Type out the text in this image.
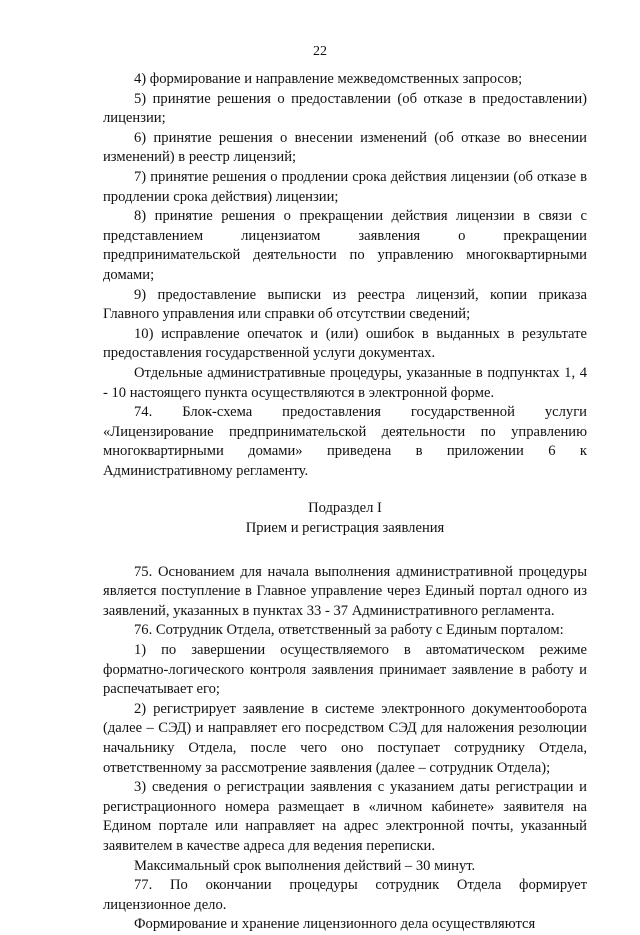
22

4) формирование и направление межведомственных запросов;

5) принятие решения о предоставлении (об отказе в предоставлении) лицензии;

6) принятие решения о внесении изменений (об отказе во внесении изменений) в реестр лицензий;

7) принятие решения о продлении срока действия лицензии (об отказе в продлении срока действия) лицензии;

8) принятие решения о прекращении действия лицензии в связи с представлением лицензиатом заявления о прекращении предпринимательской деятельности по управлению многоквартирными домами;

9) предоставление выписки из реестра лицензий, копии приказа Главного управления или справки об отсутствии сведений;

10) исправление опечаток и (или) ошибок в выданных в результате предоставления государственной услуги документах.

Отдельные административные процедуры, указанные в подпунктах 1, 4 - 10 настоящего пункта осуществляются в электронной форме.

74. Блок-схема предоставления государственной услуги «Лицензирование предпринимательской деятельности по управлению многоквартирными домами» приведена в приложении 6 к Административному регламенту.

Подраздел I
Прием и регистрация заявления

75. Основанием для начала выполнения административной процедуры является поступление в Главное управление через Единый портал одного из заявлений, указанных в пунктах 33 - 37 Административного регламента.

76. Сотрудник Отдела, ответственный за работу с Единым порталом:

1) по завершении осуществляемого в автоматическом режиме форматно-логического контроля заявления принимает заявление в работу и распечатывает его;

2) регистрирует заявление в системе электронного документооборота (далее – СЭД) и направляет его посредством СЭД для наложения резолюции начальнику Отдела, после чего оно поступает сотруднику Отдела, ответственному за рассмотрение заявления (далее – сотрудник Отдела);

3) сведения о регистрации заявления с указанием даты регистрации и регистрационного номера размещает в «личном кабинете» заявителя на Едином портале или направляет на адрес электронной почты, указанный заявителем в качестве адреса для ведения переписки.

Максимальный срок выполнения действий – 30 минут.

77. По окончании процедуры сотрудник Отдела формирует лицензионное дело.

Формирование и хранение лицензионного дела осуществляются
